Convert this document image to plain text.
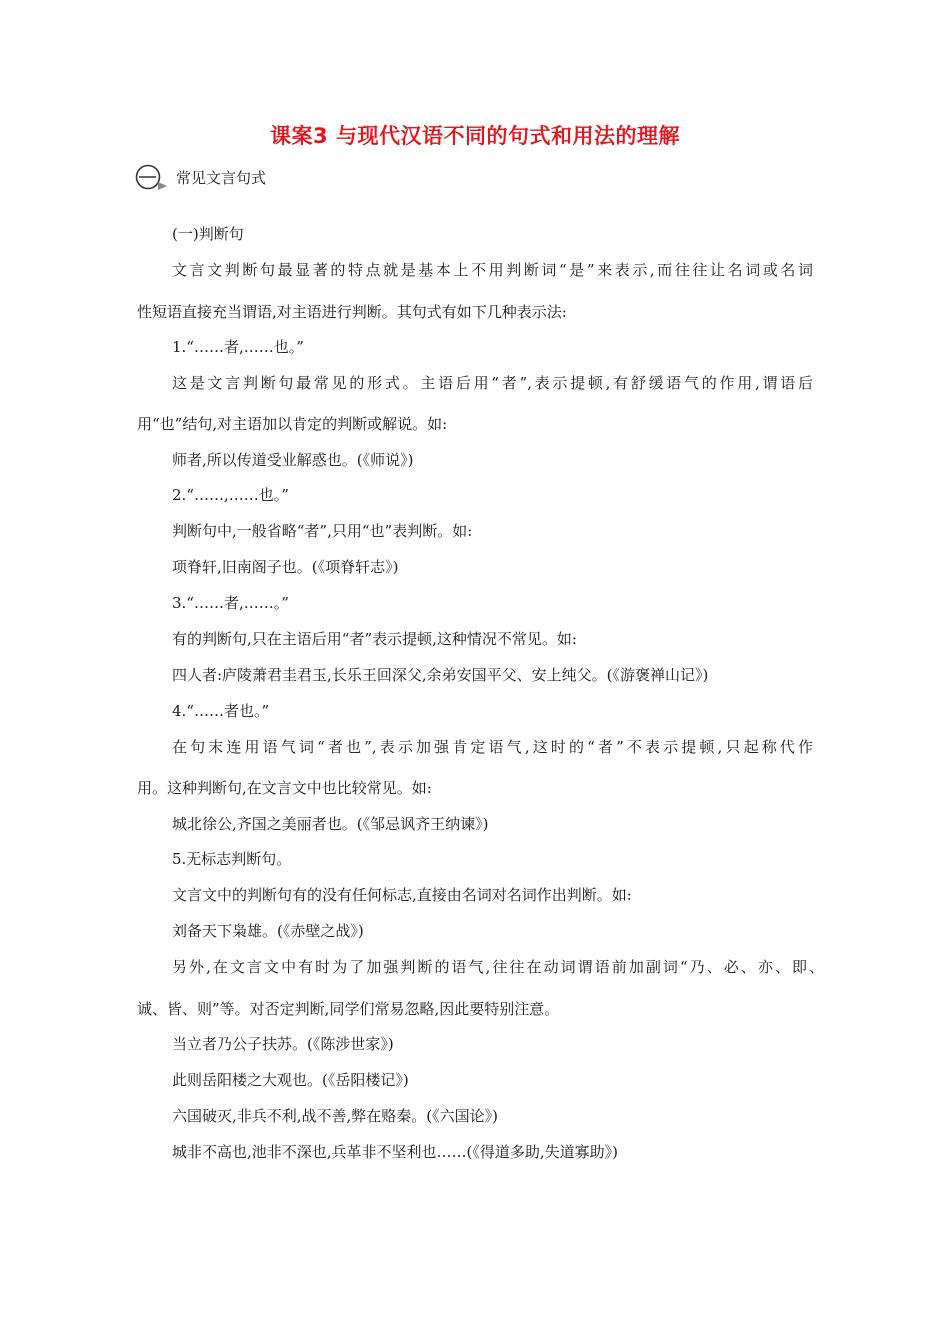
课案3 与现代汉语不同的句式和用法的理解
常见文言句式
(一)判断句
文言文判断句最显著的特点就是基本上不用判断词“是”来表示,而往往让名词或名词
性短语直接充当谓语,对主语进行判断。其句式有如下几种表示法:
1.“……者,……也。”
这是文言判断句最常见的形式。主语后用“者”,表示提顿,有舒缓语气的作用,谓语后
用“也”结句,对主语加以肯定的判断或解说。如:
师者,所以传道受业解惑也。(《师说》)
2.“……,……也。”
判断句中,一般省略“者”,只用“也”表判断。如:
项脊轩,旧南阁子也。(《项脊轩志》)
3.“……者,……。”
有的判断句,只在主语后用“者”表示提顿,这种情况不常见。如:
四人者:庐陵萧君圭君玉,长乐王回深父,余弟安国平父、安上纯父。(《游褒禅山记》)
4.“……者也。”
在句末连用语气词“者也”,表示加强肯定语气,这时的“者”不表示提顿,只起称代作
用。这种判断句,在文言文中也比较常见。如:
城北徐公,齐国之美丽者也。(《邹忌讽齐王纳谏》)
5.无标志判断句。
文言文中的判断句有的没有任何标志,直接由名词对名词作出判断。如:
刘备天下枭雄。(《赤壁之战》)
另外,在文言文中有时为了加强判断的语气,往往在动词谓语前加副词“乃、必、亦、即、
诚、皆、则”等。对否定判断,同学们常易忽略,因此要特别注意。
当立者乃公子扶苏。(《陈涉世家》)
此则岳阳楼之大观也。(《岳阳楼记》)
六国破灭,非兵不利,战不善,弊在赂秦。(《六国论》)
城非不高也,池非不深也,兵革非不坚利也……(《得道多助,失道寡助》)
